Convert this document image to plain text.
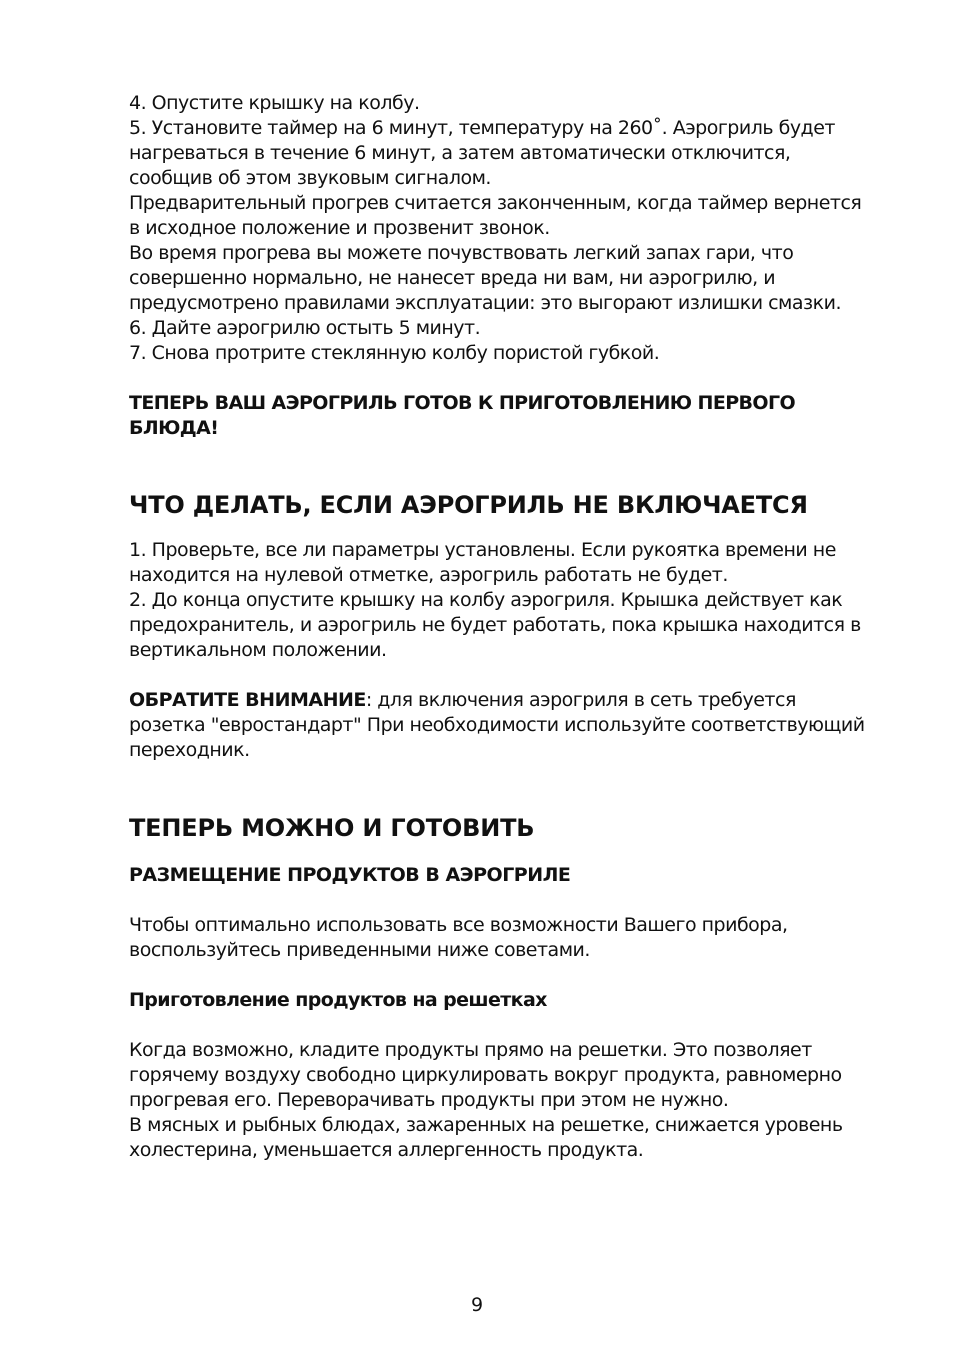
4. Опустите крышку на колбу.

5. Установите таймер на 6 минут, температуру на 260˚. Аэрогриль будет нагреваться в течение 6 минут, а затем автоматически отключится, сообщив об этом звуковым сигналом.

Предварительный прогрев считается законченным, когда таймер вернется в исходное положение и прозвенит звонок.

Во время прогрева вы можете почувствовать легкий запах гари, что совершенно нормально, не нанесет вреда ни вам, ни аэрогрилю, и предусмотрено правилами эксплуатации: это выгорают излишки смазки.

6. Дайте аэрогрилю остыть 5 минут.

7. Снова протрите стеклянную колбу пористой губкой.

ТЕПЕРЬ ВАШ АЭРОГРИЛЬ ГОТОВ К ПРИГОТОВЛЕНИЮ ПЕРВОГО БЛЮДА!

ЧТО ДЕЛАТЬ, ЕСЛИ АЭРОГРИЛЬ НЕ ВКЛЮЧАЕТСЯ

1. Проверьте, все ли параметры установлены. Если рукоятка времени не находится на нулевой отметке, аэрогриль работать не будет.

2. До конца опустите крышку на колбу аэрогриля. Крышка действует как предохранитель, и аэрогриль не будет работать, пока крышка находится в вертикальном положении.

ОБРАТИТЕ ВНИМАНИЕ: для включения аэрогриля в сеть требуется розетка "евростандарт" При необходимости используйте соответствующий переходник.

ТЕПЕРЬ МОЖНО И ГОТОВИТЬ
РАЗМЕЩЕНИЕ ПРОДУКТОВ В АЭРОГРИЛЕ

Чтобы оптимально использовать все возможности Вашего прибора, воспользуйтесь приведенными ниже советами.

Приготовление продуктов на решетках

Когда возможно, кладите продукты прямо на решетки. Это позволяет горячему воздуху свободно циркулировать вокруг продукта, равномерно прогревая его. Переворачивать продукты при этом не нужно.

В мясных и рыбных блюдах, зажаренных на решетке, снижается уровень холестерина, уменьшается аллергенность продукта.

9
